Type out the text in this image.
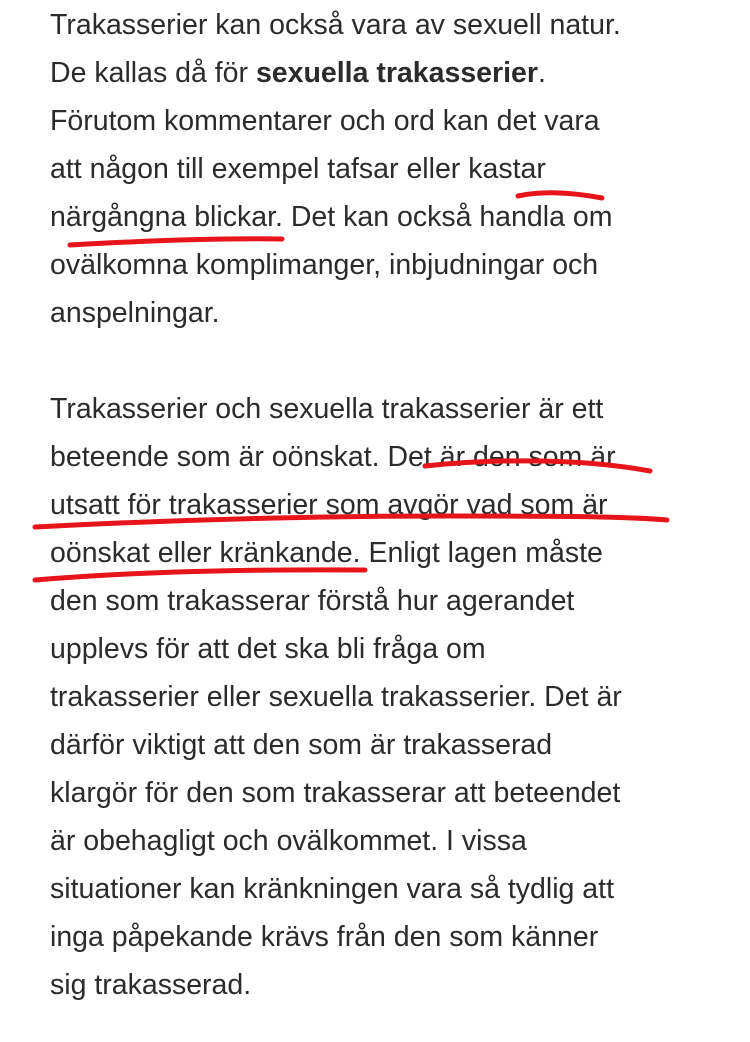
Trakasserier kan också vara av sexuell natur.
De kallas då för sexuella trakasserier.
Förutom kommentarer och ord kan det vara
att någon till exempel tafsar eller kastar
närgångna blickar. Det kan också handla om
ovälkomna komplimanger, inbjudningar och
anspelningar.
Trakasserier och sexuella trakasserier är ett
beteende som är oönskat. Det är den som är
utsatt för trakasserier som avgör vad som är
oönskat eller kränkande. Enligt lagen måste
den som trakasserar förstå hur agerandet
upplevs för att det ska bli fråga om
trakasserier eller sexuella trakasserier. Det är
därför viktigt att den som är trakasserad
klargör för den som trakasserar att beteendet
är obehagligt och ovälkommet. I vissa
situationer kan kränkningen vara så tydlig att
inga påpekande krävs från den som känner
sig trakasserad.
